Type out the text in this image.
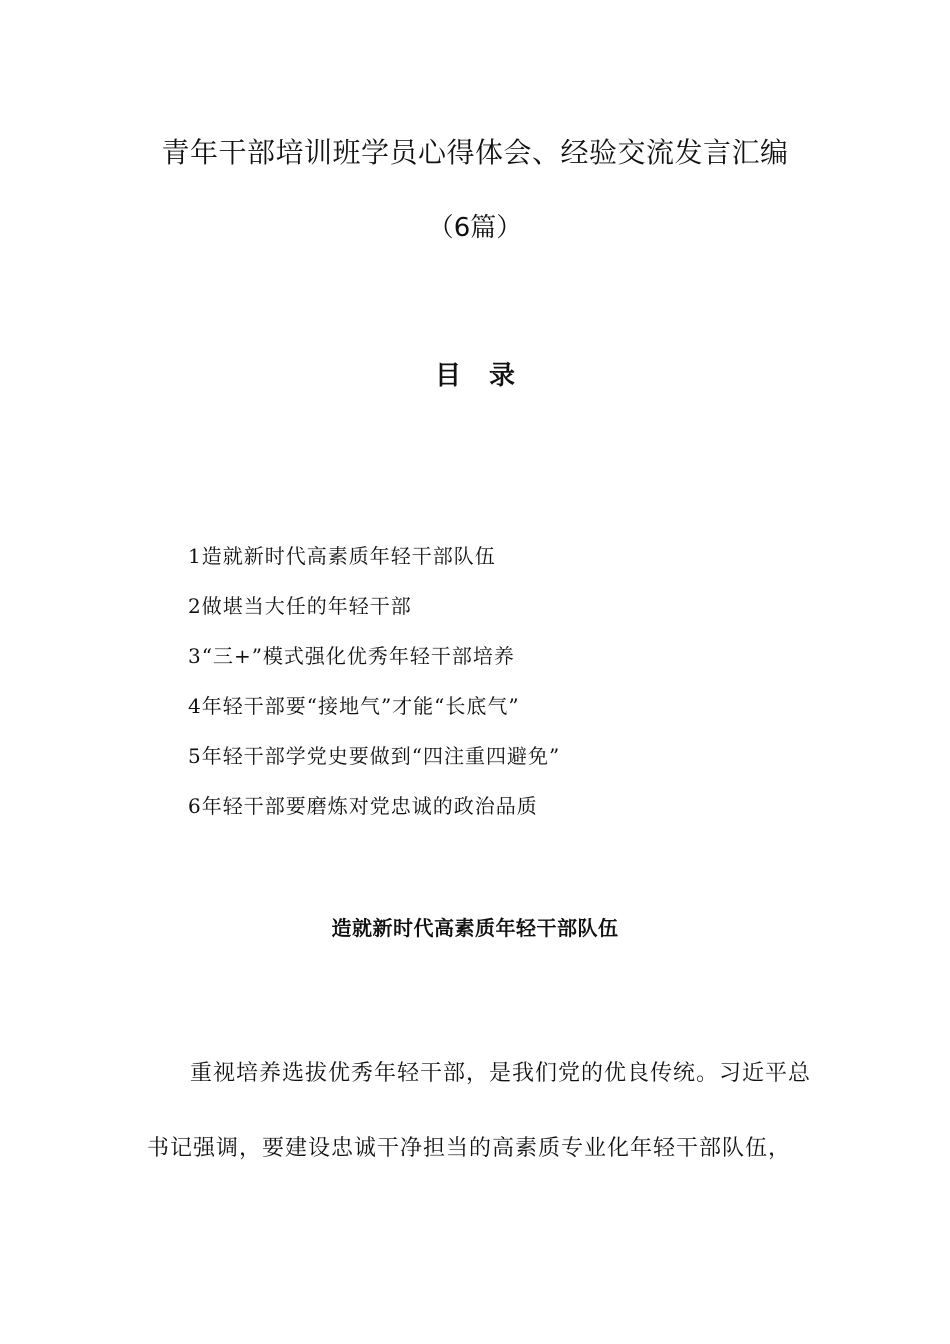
青年干部培训班学员心得体会、经验交流发言汇编
（6篇）
目录
1造就新时代高素质年轻干部队伍
2做堪当大任的年轻干部
3“三+”模式强化优秀年轻干部培养
4年轻干部要“接地气”才能“长底气”
5年轻干部学党史要做到“四注重四避免”
6年轻干部要磨炼对党忠诚的政治品质
造就新时代高素质年轻干部队伍
重视培养选拔优秀年轻干部，是我们党的优良传统。习近平总
书记强调，要建设忠诚干净担当的高素质专业化年轻干部队伍，
